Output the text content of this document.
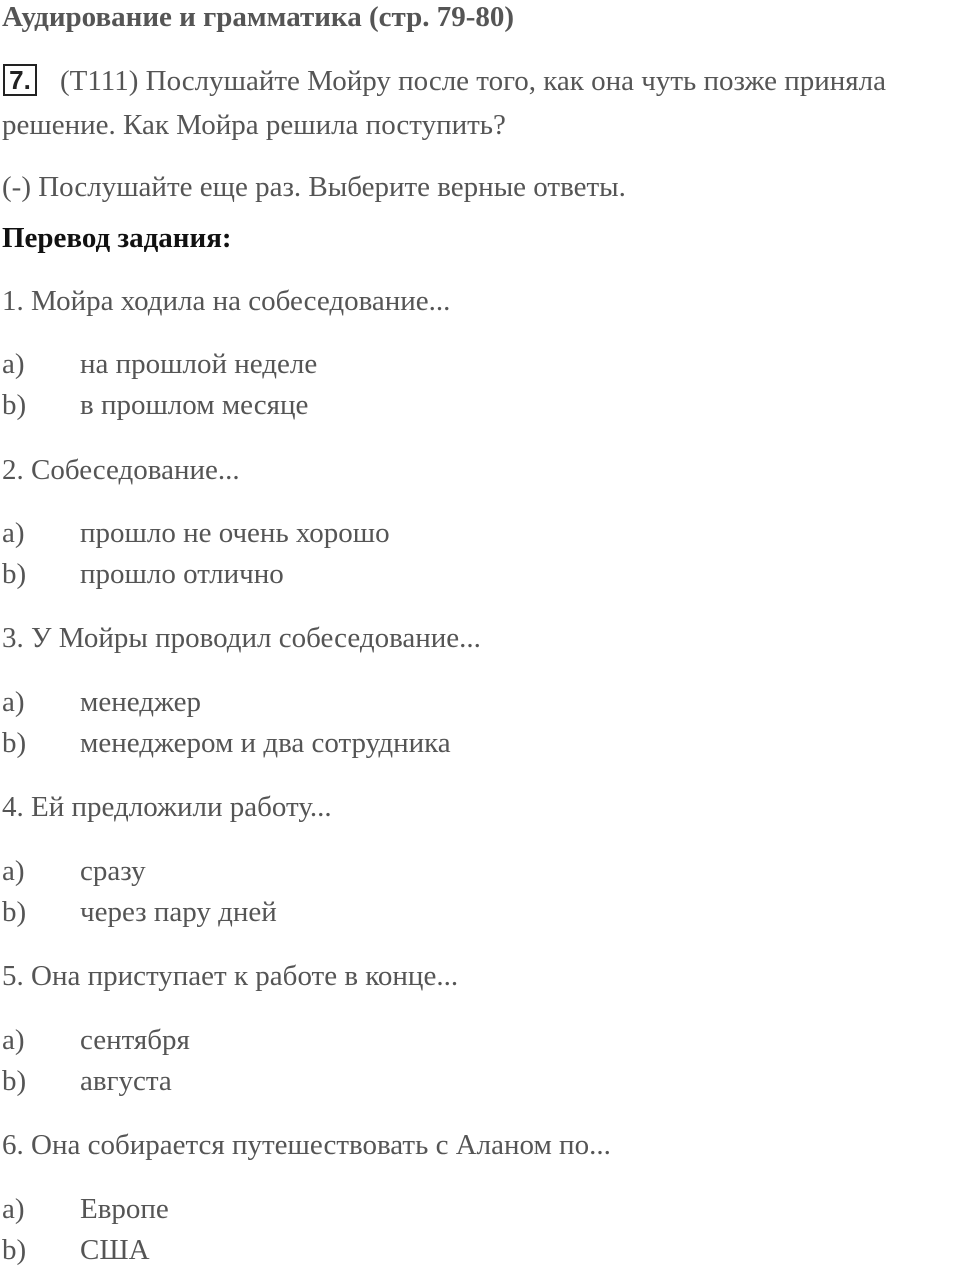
Аудирование и грамматика (стр. 79-80)
7. (T111) Послушайте Мойру после того, как она чуть позже приняла
решение. Как Мойра решила поступить?
(-) Послушайте еще раз. Выберите верные ответы.
Перевод задания:
1. Мойра ходила на собеседование...
a) на прошлой неделе
b) в прошлом месяце
2. Собеседование...
a) прошло не очень хорошо
b) прошло отлично
3. У Мойры проводил собеседование...
a) менеджер
b) менеджером и два сотрудника
4. Ей предложили работу...
a) сразу
b) через пару дней
5. Она приступает к работе в конце...
a) сентября
b) августа
6. Она собирается путешествовать с Аланом по...
a) Европе
b) США
